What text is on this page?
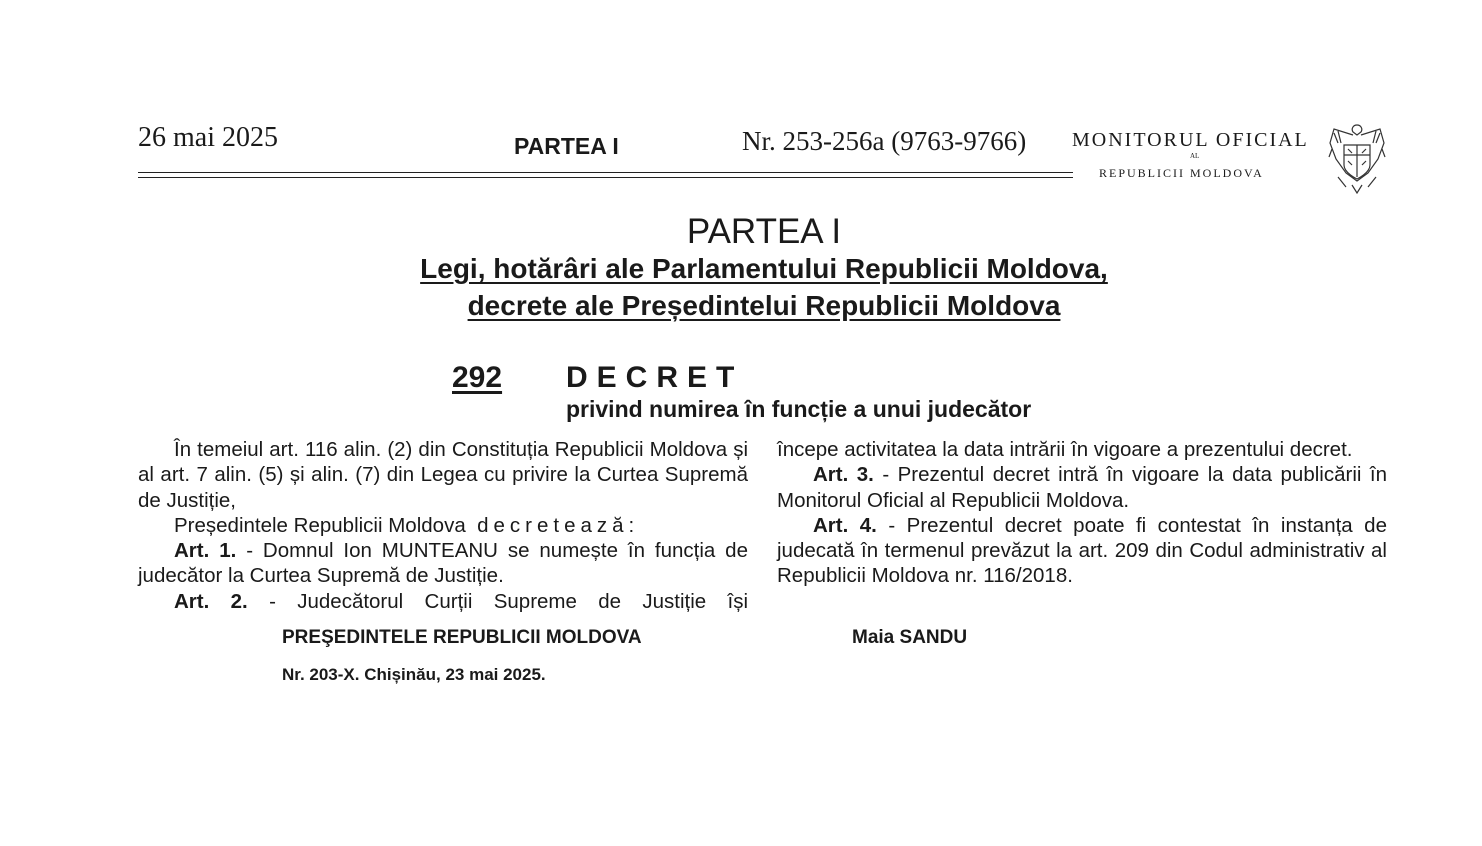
26 mai 2025	PARTEA I	Nr. 253-256a (9763-9766) MONITORUL OFICIAL
AL
REPUBLICII MOLDOVA
PARTEA I
Legi, hotărâri ale Parlamentului Republicii Moldova,
decrete ale Președintelui Republicii Moldova
292 DECRET
privind numirea în funcție a unui judecător

În temeiul art. 116 alin. (2) din Constituția Republicii Moldova și al art. 7 alin. (5) și alin. (7) din Legea cu privire la Curtea Supremă de Justiție,

Președintele Republicii Moldova decretează:

Art. 1. - Domnul Ion MUNTEANU se numește în funcția de judecător la Curtea Supremă de Justiție.

Art. 2. - Judecătorul Curții Supreme de Justiție își

începe activitatea la data intrării în vigoare a prezentului decret.

Art. 3. - Prezentul decret intră în vigoare la data publicării în Monitorul Oficial al Republicii Moldova.

Art. 4. - Prezentul decret poate fi contestat în instanța de judecată în termenul prevăzut la art. 209 din Codul administrativ al Republicii Moldova nr. 116/2018.

PREŞEDINTELE REPUBLICII MOLDOVA	Maia SANDU
Nr. 203-X. Chișinău, 23 mai 2025.
